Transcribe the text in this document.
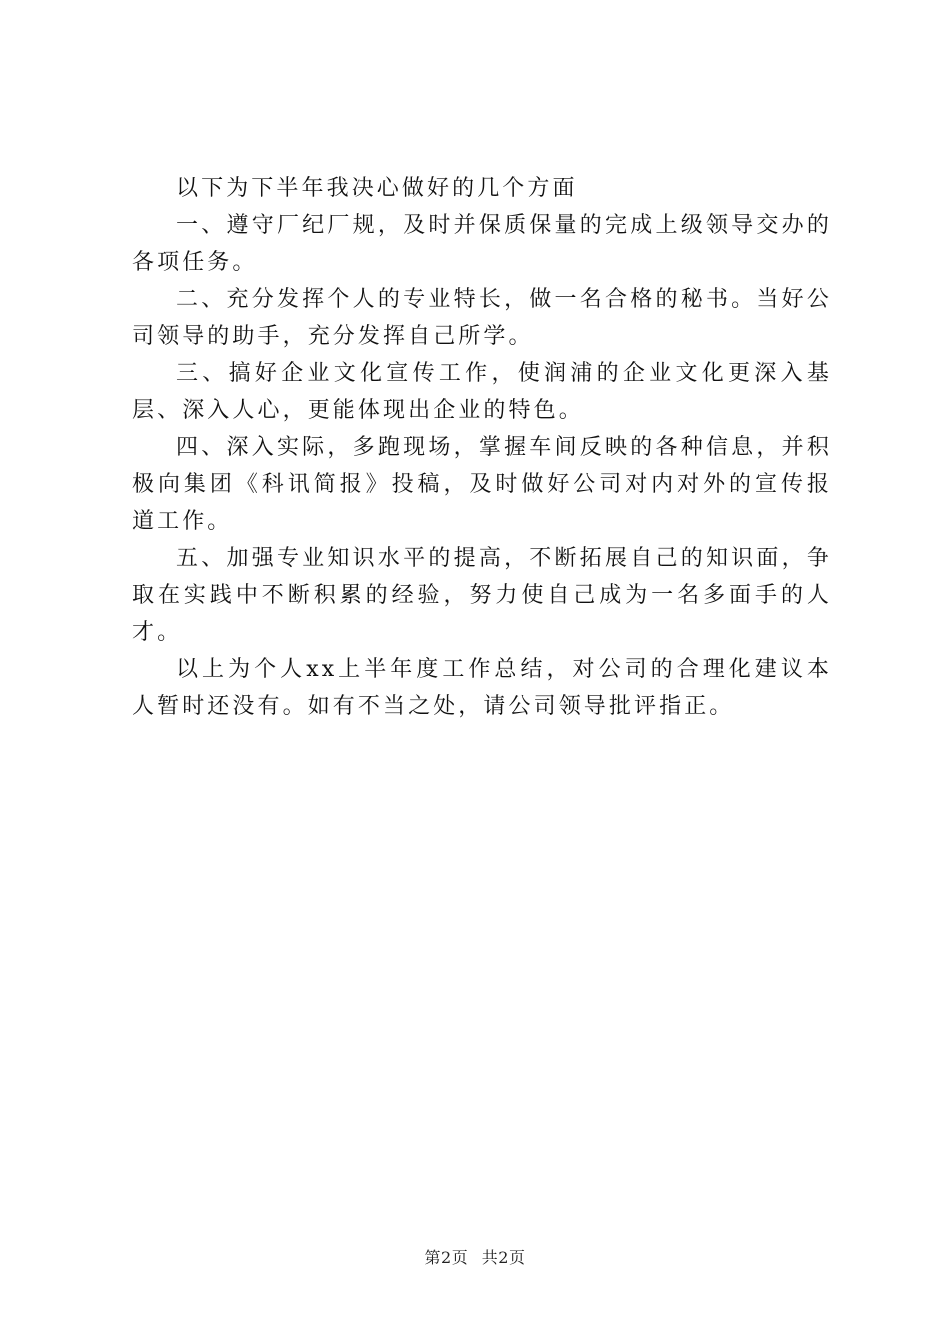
以下为下半年我决心做好的几个方面

一、遵守厂纪厂规，及时并保质保量的完成上级领导交办的各项任务。

二、充分发挥个人的专业特长，做一名合格的秘书。当好公司领导的助手，充分发挥自己所学。

三、搞好企业文化宣传工作，使润浦的企业文化更深入基层、深入人心，更能体现出企业的特色。

四、深入实际，多跑现场，掌握车间反映的各种信息，并积极向集团《科讯简报》投稿，及时做好公司对内对外的宣传报道工作。

五、加强专业知识水平的提高，不断拓展自己的知识面，争取在实践中不断积累的经验，努力使自己成为一名多面手的人才。

以上为个人xx上半年度工作总结，对公司的合理化建议本人暂时还没有。如有不当之处，请公司领导批评指正。

第2页 共2页
